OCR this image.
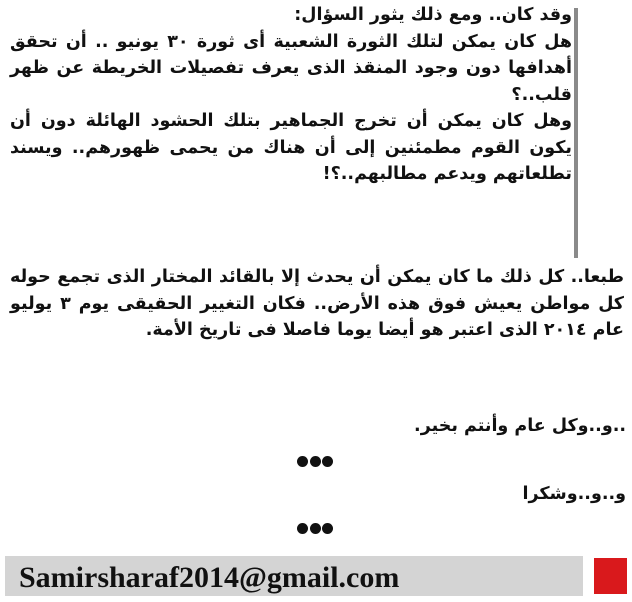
وقد كان.. ومع ذلك يثور السؤال:

هل كان يمكن لتلك الثورة الشعبية أى ثورة ٣٠ يونيو .. أن تحقق أهدافها دون وجود المنقذ الذى يعرف تفصيلات الخريطة عن ظهر قلب..؟

وهل كان يمكن أن تخرج الجماهير بتلك الحشود الهائلة دون أن يكون القوم مطمئنين إلى أن هناك من يحمى ظهورهم.. ويسند تطلعاتهم ويدعم مطالبهم..؟!

طبعا.. كل ذلك ما كان يمكن أن يحدث إلا بالقائد المختار الذى تجمع حوله كل مواطن يعيش فوق هذه الأرض.. فكان التغيير الحقيقى يوم ٣ يوليو عام ٢٠١٤ الذى اعتبر هو أيضا يوما فاصلا فى تاريخ الأمة.

..و..وكل عام وأنتم بخير.
و..و..وشكرا
Samirsharaf2014@gmail.com
